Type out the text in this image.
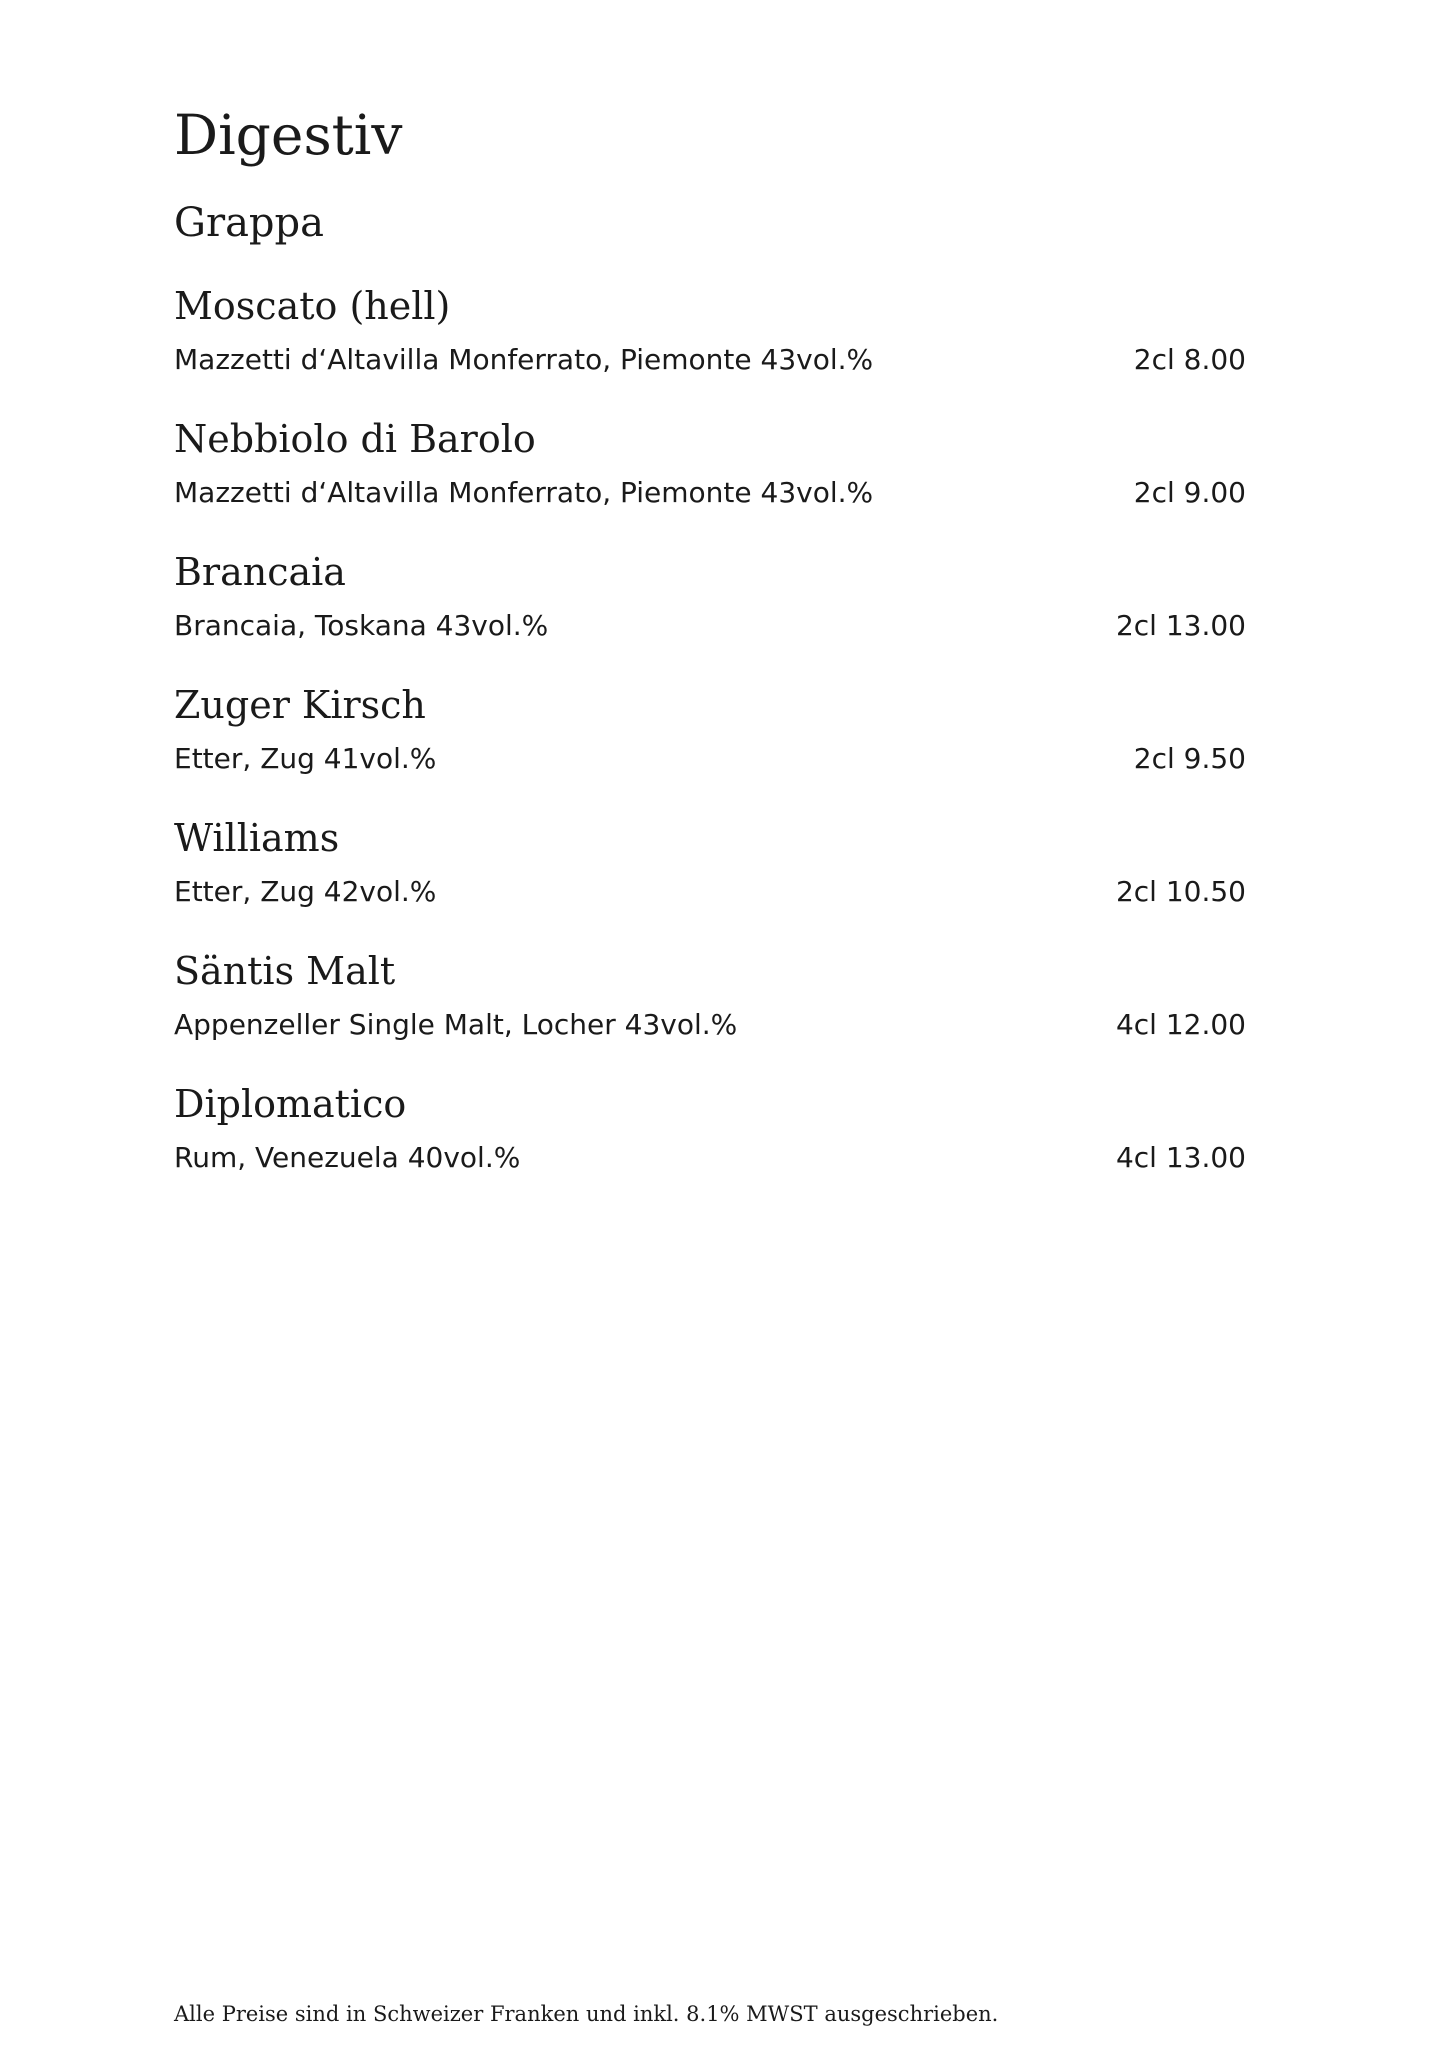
Digestiv
Grappa
Moscato (hell)
Mazzetti d‘Altavilla Monferrato, Piemonte 43vol.%	2cl 8.00
Nebbiolo di Barolo
Mazzetti d‘Altavilla Monferrato, Piemonte 43vol.%	2cl 9.00
Brancaia
Brancaia, Toskana 43vol.%	2cl 13.00
Zuger Kirsch
Etter, Zug 41vol.%	2cl 9.50
Williams
Etter, Zug 42vol.%	2cl 10.50
Säntis Malt
Appenzeller Single Malt, Locher 43vol.%	4cl 12.00
Diplomatico
Rum, Venezuela 40vol.%	4cl 13.00
Alle Preise sind in Schweizer Franken und inkl. 8.1% MWST ausgeschrieben.
